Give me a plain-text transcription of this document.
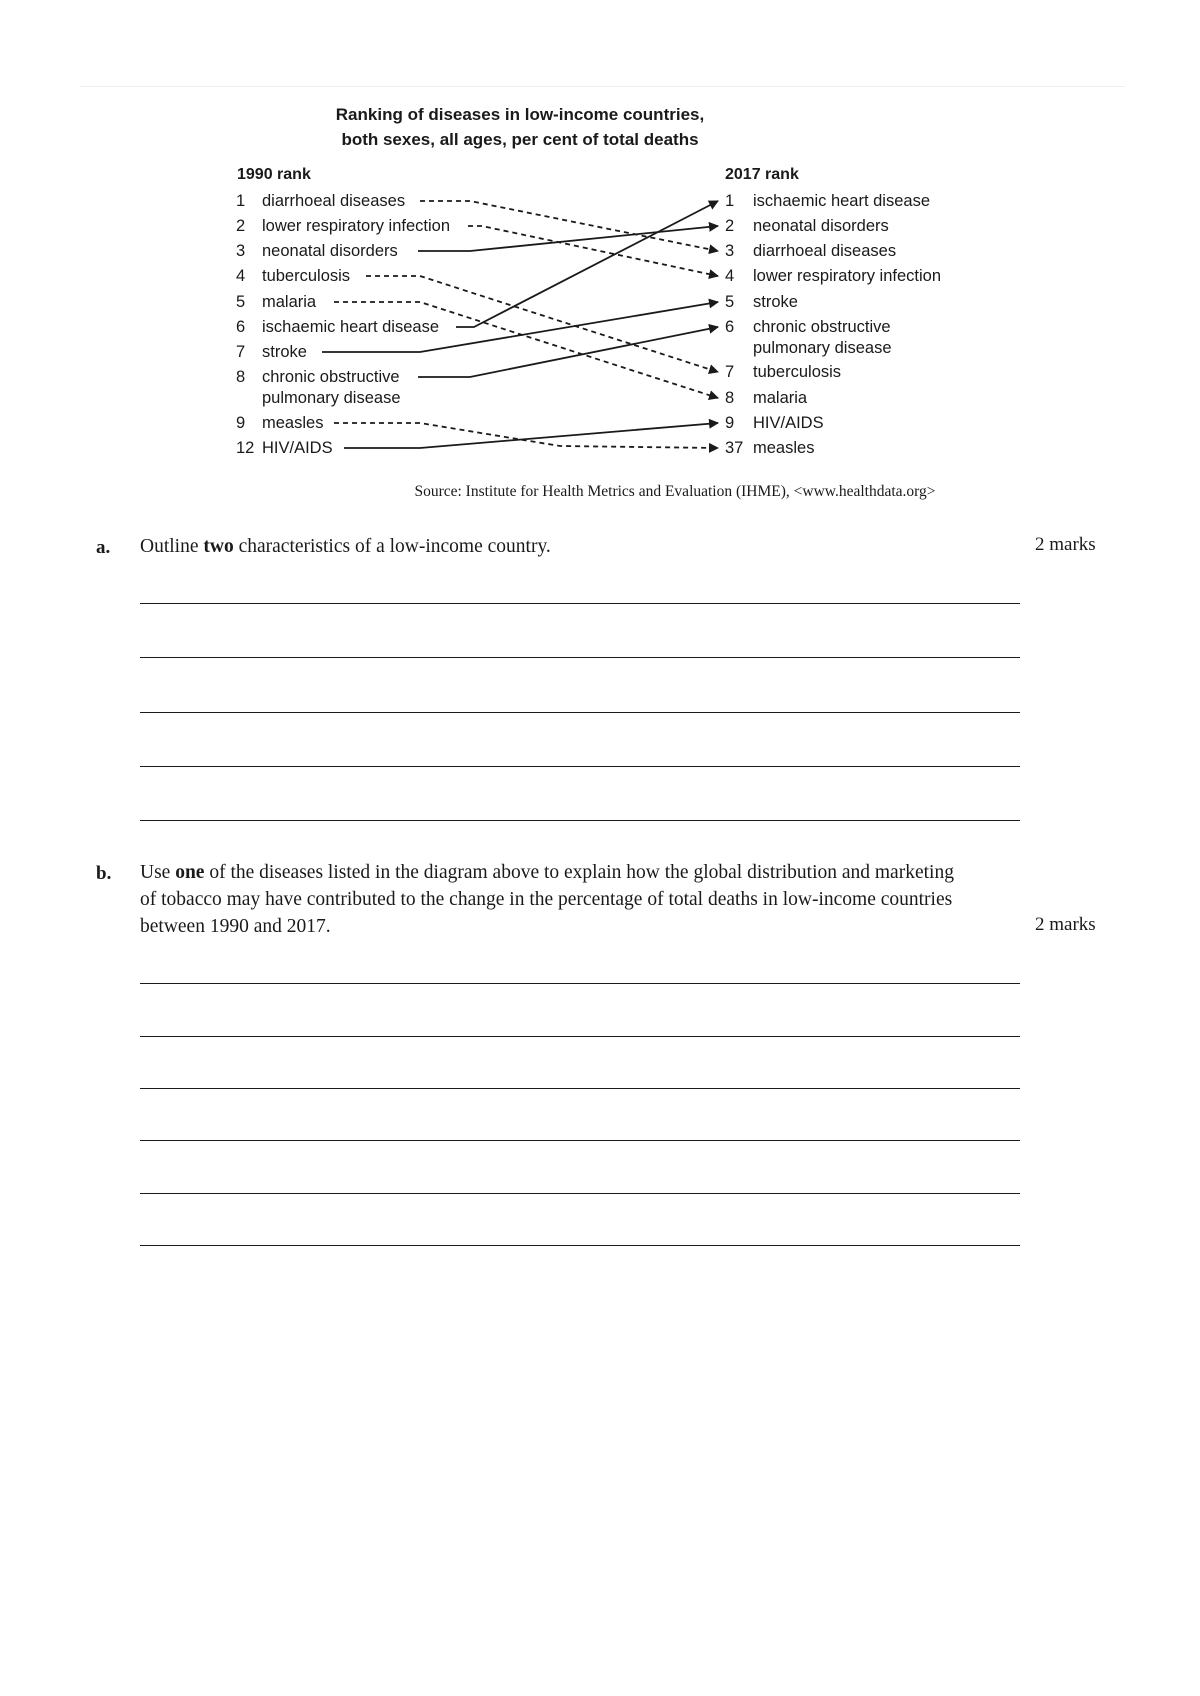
Ranking of diseases in low-income countries,
both sexes, all ages, per cent of total deaths
1990 rank	2017 rank
1 diarrhoeal diseases
2 lower respiratory infection
3 neonatal disorders
4 tuberculosis
5 malaria
6 ischaemic heart disease
7 stroke
8 chronic obstructive
pulmonary disease
9 measles
12 HIV/AIDS
1 ischaemic heart disease
2 neonatal disorders
3 diarrhoeal diseases
4 lower respiratory infection
5 stroke
6 chronic obstructive
pulmonary disease
7 tuberculosis
8 malaria
9 HIV/AIDS
37 measles
Source: Institute for Health Metrics and Evaluation (IHME), <www.healthdata.org>
a. Outline two characteristics of a low-income country.	2 marks
b. Use one of the diseases listed in the diagram above to explain how the global distribution and marketing of tobacco may have contributed to the change in the percentage of total deaths in low-income countries between 1990 and 2017.	2 marks
